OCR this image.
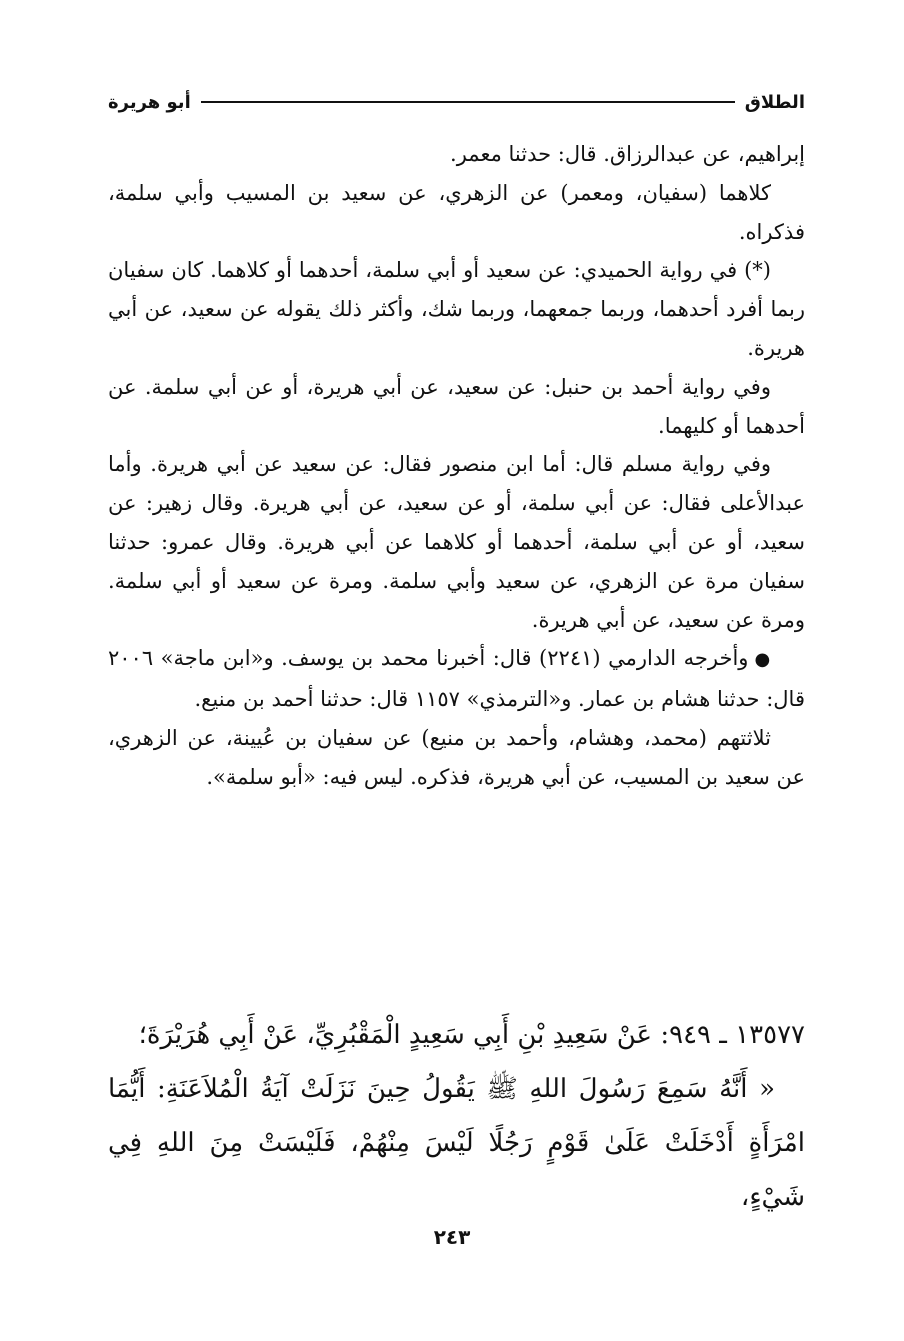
الطلاق
أبو هريرة

إبراهيم، عن عبدالرزاق. قال: حدثنا معمر.

كلاهما (سفيان، ومعمر) عن الزهري، عن سعيد بن المسيب وأبي سلمة، فذكراه.

(*) في رواية الحميدي: عن سعيد أو أبي سلمة، أحدهما أو كلاهما. كان سفيان ربما أفرد أحدهما، وربما جمعهما، وربما شك، وأكثر ذلك يقوله عن سعيد، عن أبي هريرة.

وفي رواية أحمد بن حنبل: عن سعيد، عن أبي هريرة، أو عن أبي سلمة. عن أحدهما أو كليهما.

وفي رواية مسلم قال: أما ابن منصور فقال: عن سعيد عن أبي هريرة. وأما عبدالأعلى فقال: عن أبي سلمة، أو عن سعيد، عن أبي هريرة. وقال زهير: عن سعيد، أو عن أبي سلمة، أحدهما أو كلاهما عن أبي هريرة. وقال عمرو: حدثنا سفيان مرة عن الزهري، عن سعيد وأبي سلمة. ومرة عن سعيد أو أبي سلمة. ومرة عن سعيد، عن أبي هريرة.

●وأخرجه الدارمي (٢٢٤١) قال: أخبرنا محمد بن يوسف. و«ابن ماجة» ٢٠٠٦ قال: حدثنا هشام بن عمار. و«الترمذي» ١١٥٧ قال: حدثنا أحمد بن منيع.

ثلاثتهم (محمد، وهشام، وأحمد بن منيع) عن سفيان بن عُيينة، عن الزهري، عن سعيد بن المسيب، عن أبي هريرة، فذكره. ليس فيه: «أبو سلمة».

١٣٥٧٧ ـ ٩٤٩: عَنْ سَعِيدِ بْنِ أَبِي سَعِيدٍ الْمَقْبُرِيِّ، عَنْ أَبِي هُرَيْرَةَ؛

« أَنَّهُ سَمِعَ رَسُولَ اللهِ ﷺ يَقُولُ حِينَ نَزَلَتْ آيَةُ الْمُلاَعَنَةِ: أَيُّمَا امْرَأَةٍ أَدْخَلَتْ عَلَىٰ قَوْمٍ رَجُلًا لَيْسَ مِنْهُمْ، فَلَيْسَتْ مِنَ اللهِ فِي شَيْءٍ،

٢٤٣
